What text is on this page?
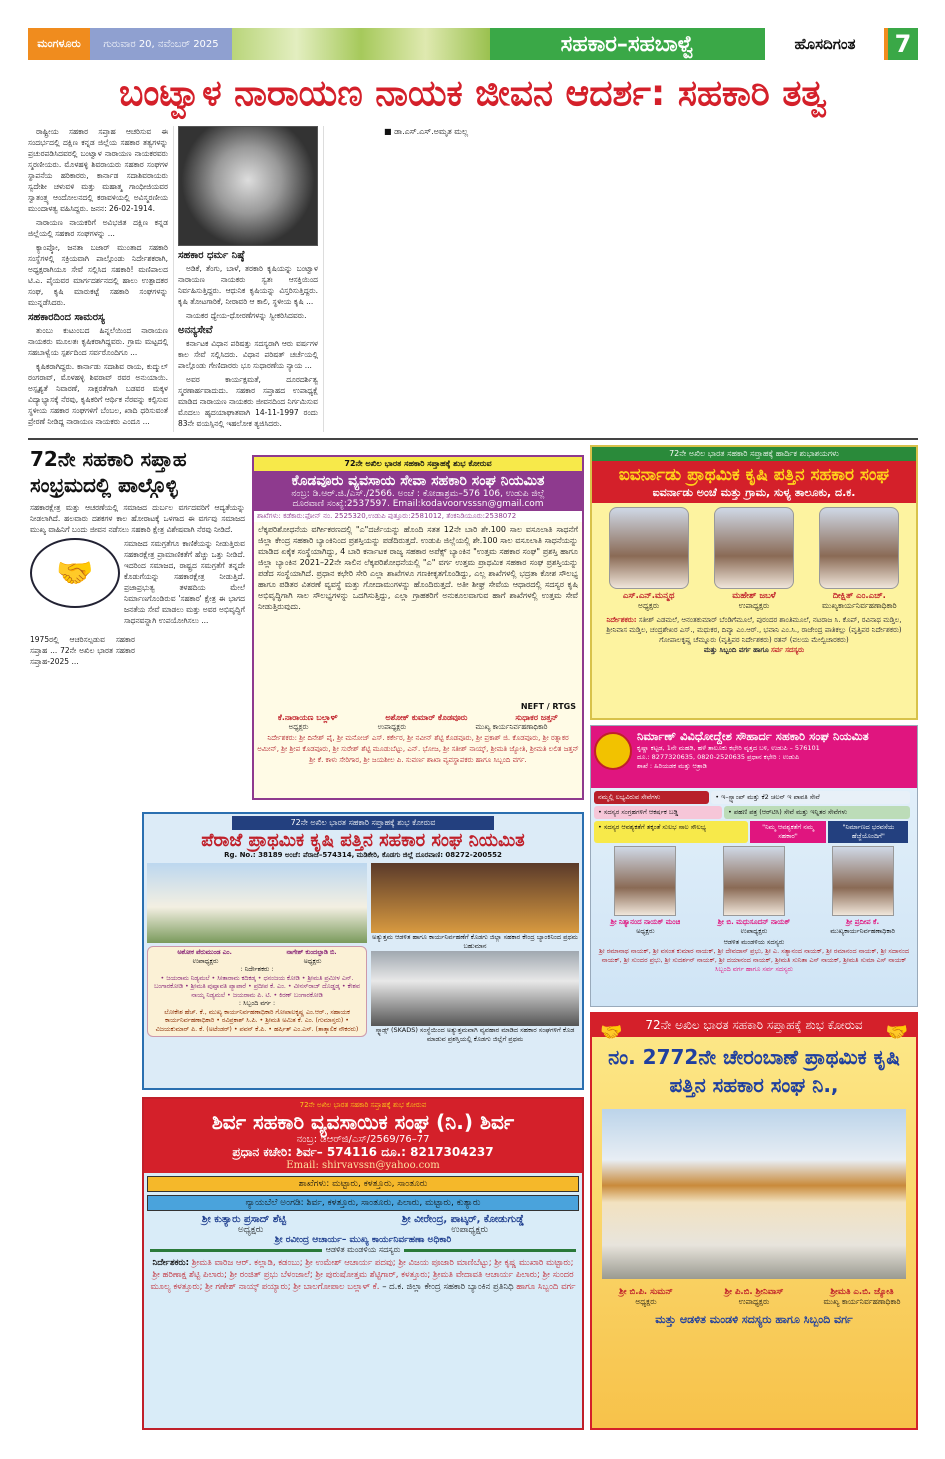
ಮಂಗಳೂರು	ಗುರುವಾರ 20, ನವೆಂಬರ್ 2025	ಸಹಕಾರ–ಸಹಬಾಳ್ವೆ	ಹೊಸದಿಗಂತ	7
ಬಂಟ್ವಾಳ ನಾರಾಯಣ ನಾಯಕ ಜೀವನ ಆದರ್ಶ: ಸಹಕಾರಿ ತತ್ವ

ರಾಷ್ಟ್ರೀಯ ಸಹಕಾರ ಸಪ್ತಾಹ ಆಚರಿಸುವ ಈ ಸಂದರ್ಭದಲ್ಲಿ ದಕ್ಷಿಣ ಕನ್ನಡ ಜಿಲ್ಲೆಯ ಸಹಕಾರ ತತ್ವಗಳನ್ನು ಪ್ರಚುರಪಡಿಸಿದವರಲ್ಲಿ ಬಂಟ್ವಾಳ ನಾರಾಯಣ ನಾಯಕರವರು ಸ್ಮರಣೀಯರು. ಮೊಳಹಳ್ಳಿ ಶಿವರಾಯರು ಸಹಕಾರ ಸಂಘಗಳ ಸ್ಥಾಪನೆಯ ಹರಿಕಾರರು, ಕಾರ್ನಾಡ ಸದಾಶಿವರಾಯರು ಸ್ವದೇಶೀ ಚಳುವಳಿ ಮತ್ತು ಮಹಾತ್ಮ ಗಾಂಧೀಜಿಯವರ ಸ್ವಾತಂತ್ರ್ಯ ಆಂದೋಲನದಲ್ಲಿ ಕರಾವಳಿಯಲ್ಲಿ ಅವಿಸ್ಮರಣೀಯ ಮುಂದಾಳತ್ವ ವಹಿಸಿದ್ದರು. ಜನನ: 26-02-1914.

ನಾರಾಯಣ ನಾಯಕರಿಗೆ ಅವಿಭಜಿತ ದಕ್ಷಿಣ ಕನ್ನಡ ಜಿಲ್ಲೆಯಲ್ಲಿ ಸಹಕಾರ ಸಂಘಗಳನ್ನು ...

ಕ್ಯಾಂಪ್ಕೋ, ಜನತಾ ಬಜಾರ್ ಮುಂತಾದ ಸಹಕಾರಿ ಸಂಸ್ಥೆಗಳಲ್ಲಿ ಸಕ್ರಿಯವಾಗಿ ಪಾಲ್ಗೊಂಡು ನಿರ್ದೇಶಕರಾಗಿ, ಅಧ್ಯಕ್ಷರಾಗಿಯೂ ಸೇವೆ ಸಲ್ಲಿಸಿದ ಸಹಕಾರಿ! ಮಣಿಪಾಲದ ಟಿ.ಎ. ಪೈಯವರ ಮಾರ್ಗದರ್ಶನದಲ್ಲಿ ಹಾಲು ಉತ್ಪಾದಕರ ಸಂಘ, ಕೃಷಿ ಮಾರುಕಟ್ಟೆ ಸಹಕಾರಿ ಸಂಘಗಳನ್ನು ಮುನ್ನಡೆಸಿದರು.

ಸಹಕಾರದಿಂದ ಸಾಮರಸ್ಯ

ತುಂಬು ಕುಟುಂಬದ ಹಿನ್ನಲೆಯಿಂದ ನಾರಾಯಣ ನಾಯಕರು ಮೂಲತಃ ಕೃಷಿಕರಾಗಿದ್ದವರು. ಗ್ರಾಮ ಮಟ್ಟದಲ್ಲಿ ಸಹಬಾಳ್ವೆಯ ಸ್ಪರ್ಶದಿಂದ ಸರ್ವರೊಂದಿಗೂ ...

ಕೃಷಿಕರಾಗಿದ್ದರು. ಕಾರ್ನಾಡು ಸದಾಶಿವ ರಾಯ, ಕುದ್ಮುಲ್ ರಂಗರಾವ್, ಮೊಳಹಳ್ಳಿ ಶಿವರಾವ್ ರವರ ಅನುಯಾಯಿ. ಅಸ್ಪೃಶ್ಯತೆ ನಿವಾರಣೆ, ಸಾಕ್ಷರತೆಗಾಗಿ ಬಡವರ ಮಕ್ಕಳ ವಿದ್ಯಾಭ್ಯಾಸಕ್ಕೆ ನೆರವು, ಕೃಷಿಕರಿಗೆ ಆರ್ಥಿಕ ನೆರವನ್ನು ಕಲ್ಪಿಸುವ ಸ್ಥಳೀಯ ಸಹಕಾರ ಸಂಘಗಳಿಗೆ ಬೆಂಬಲ, ಖಾದಿ ಧರಿಸುವಂತೆ ಪ್ರೇರಣೆ ನೀಡಿದ್ದ ನಾರಾಯಣ ನಾಯಕರು ಎಂದೂ ...

ಸಹಕಾರ ಧರ್ಮ ನಿಷ್ಠೆ

ಅಡಿಕೆ, ತೆಂಗು, ಬಾಳೆ, ತರಕಾರಿ ಕೃಷಿಯನ್ನು ಬಂಟ್ವಾಳ ನಾರಾಯಣ ನಾಯಕರು ಸ್ವತಃ ಆಸಕ್ತಿಯಿಂದ ನಿರ್ವಹಿಸುತ್ತಿದ್ದರು. ಆಧುನಿಕ ಕೃಷಿಯನ್ನು ವಿಸ್ತರಿಸುತ್ತಿದ್ದರು. ಕೃಷಿ ತೋಟಗಾರಿಕೆ, ನೀರಾವರಿ ಆ ಕಾಲಿ, ಸ್ಥಳೀಯ ಕೃಷಿ ...

ನಾಯಕರ ಧ್ಯೇಯ-ಧೋರಣೆಗಳನ್ನು ಸ್ವೀಕರಿಸಿದವರು.

ಅನನ್ಯಸೇವೆ

ಕರ್ನಾಟಕ ವಿಧಾನ ಪರಿಷತ್ತು ಸದಸ್ಯರಾಗಿ ಆರು ವರ್ಷಗಳ ಕಾಲ ಸೇವೆ ಸಲ್ಲಿಸಿದರು. ವಿಧಾನ ಪರಿಷತ್ ಚರ್ಚೆಯಲ್ಲಿ ಪಾಲ್ಗೊಂಡು ಗೇಣಿದಾರರು ಭೂ ಸುಧಾರಣೆಯ ನ್ಯಾಯ ...

ಅವರ ಕಾರ್ಯಕ್ಷಮತೆ, ದೂರದರ್ಶಿತ್ವ ಸ್ಮರಣಾರ್ಹವಾದುದು. ಸಹಕಾರ ಸಪ್ತಾಹದ ಉಪಾಧ್ಯಕ್ಷೆ ಮಾಡಿದ ನಾರಾಯಣ ನಾಯಕರು ಜೀವನದಿಂದ ನಿರ್ಗಮಿಸುವ ಮೊದಲು ಹೃದಯಾಘಾತವಾಗಿ 14-11-1997 ರಂದು 83ನೇ ವಯಸ್ಸಿನಲ್ಲಿ ಇಹಲೋಕ ತ್ಯಜಿಸಿದರು.

■ ಡಾ.ಎಸ್.ಎಸ್.ಅಮೃತ ಮಲ್ಲ
72ನೇ ಸಹಕಾರಿ ಸಪ್ತಾಹ ಸಂಭ್ರಮದಲ್ಲಿ ಪಾಲ್ಗೊಳ್ಳಿ

ಸಹಕಾರಕ್ಷೇತ್ರ ಮತ್ತು ಆಚರಣೆಯಲ್ಲಿ ಸಮಾಜದ ದುರ್ಬಲ ವರ್ಗದವರಿಗೆ ಆದ್ಯತೆಯನ್ನು ನೀಡಲಾಗಿದೆ. ಹಲವಾರು ದಶಕಗಳ ಕಾಲ ಹೋರಾಟಕ್ಕೆ ಒಳಗಾದ ಈ ವರ್ಗವು ಸಮಾಜದ ಮುಖ್ಯ ವಾಹಿನಿಗೆ ಬಂದು ಜೀವನ ನಡೆಸಲು ಸಹಕಾರಿ ಕ್ಷೇತ್ರ ವಿಶೇಷವಾಗಿ ನೆರವು ನೀಡಿದೆ.

🤝

ಸಮಾಜದ ಸಮಗ್ರತೆಗೂ ಕಾಣಿಕೆಯನ್ನು ನೀಡುತ್ತಿರುವ ಸಹಕಾರಕ್ಷೇತ್ರ ಪ್ರಾಮಾಣಿಕತೆಗೆ ಹೆಚ್ಚು ಒತ್ತು ನೀಡಿದೆ. ಇದರಿಂದ ಸಮಾಜದ, ರಾಷ್ಟ್ರದ ಸಮಗ್ರತೆಗೆ ತನ್ನದೇ ಕೊಡುಗೆಯನ್ನು ಸಹಕಾರಕ್ಷೇತ್ರ ನೀಡುತ್ತಿದೆ. ಪ್ರಜಾಪ್ರಭುತ್ವ ತಳಹದಿಯ ಮೇಲೆ ನಿರ್ಮಾಣಗೊಂಡಿರುವ 'ಸಹಕಾರ' ಕ್ಷೇತ್ರ ಈ ಭಾಗದ ಜನತೆಯ ಸೇವೆ ಮಾಡಲು ಮತ್ತು ಅವರ ಅಭಿವೃದ್ಧಿಗೆ ಸಾಧನವನ್ನಾಗಿ ಉಪಯೋಗಿಸಲು ...

1975ರಲ್ಲಿ ಆಚರಿಸಲ್ಪಡುವ ಸಹಕಾರ ಸಪ್ತಾಹ ... 72ನೇ ಅಖಿಲ ಭಾರತ ಸಹಕಾರ ಸಪ್ತಾಹ-2025 ...
72ನೇ ಅಖಿಲ ಭಾರತ ಸಹಕಾರಿ ಸಪ್ತಾಹಕ್ಕೆ ಶುಭ ಕೋರುವ
ಕೊಡವೂರು ವ್ಯವಸಾಯ ಸೇವಾ ಸಹಕಾರಿ ಸಂಘ ನಿಯಮಿತ
ನಂಬ್ರ: ಡಿ.ಆರ್.ಜಿ./ಎಸ್./2566. ಅಂಚೆ : ಕೋಡಾಶ್ರಮ–576 106, ಉಡುಪಿ ಜಿಲ್ಲೆ
ದೂರವಾಣಿ ಸಂಖ್ಯೆ:2537597. Email:kodavoorvsssn@gmail.com
ಶಾಖೆಗಳು: ಕಡೆಕಾರು:ಫೋನ್ ನಂ. 2525320,ಉಡುಪಿ ಪುತ್ತೂರು:2581012, ತೆಂಕನಿಡಿಯೂರು:2538072
ಲೆಕ್ಕಪರಿಶೋಧನೆಯ ವರ್ಗೀಕರಣದಲ್ಲಿ "ಎ"ದರ್ಜೆಯನ್ನು ಹೊಂದಿ ಸತತ 12ನೇ ಬಾರಿ ಶೇ.100 ಸಾಲ ವಸೂಲಾತಿ ಸಾಧನೆಗೆ ಜಿಲ್ಲಾ ಕೇಂದ್ರ ಸಹಕಾರಿ ಬ್ಯಾಂಕಿನಿಂದ ಪ್ರಶಸ್ತಿಯನ್ನು ಪಡೆದಿರುತ್ತದೆ. ಉಡುಪಿ ಜಿಲ್ಲೆಯಲ್ಲಿ ಶೇ.100 ಸಾಲ ವಸೂಲಾತಿ ಸಾಧನೆಯನ್ನು ಮಾಡಿದ ಏಕೈಕ ಸಂಸ್ಥೆಯಾಗಿದ್ದು, 4 ಬಾರಿ ಕರ್ನಾಟಕ ರಾಜ್ಯ ಸಹಕಾರ ಅಪೆಕ್ಸ್ ಬ್ಯಾಂಕಿನ "ಉತ್ತಮ ಸಹಕಾರ ಸಂಘ" ಪ್ರಶಸ್ತಿ ಹಾಗೂ ಜಿಲ್ಲಾ ಬ್ಯಾಂಕಿನ 2021–22ನೇ ಸಾಲಿನ ಲೆಕ್ಕಪರಿಶೋಧನೆಯಲ್ಲಿ "ಎ" ವರ್ಗ ಉತ್ತಮ ಪ್ರಾಥಮಿಕ ಸಹಕಾರ ಸಂಘ ಪ್ರಶಸ್ತಿಯನ್ನು ಪಡೆದ ಸಂಸ್ಥೆಯಾಗಿದೆ. ಪ್ರಧಾನ ಕಛೇರಿ ಸೇರಿ ಎಲ್ಲಾ ಶಾಖೆಗಳೂ ಗಣಕೀಕೃತಗೊಂಡಿದ್ದು, ಎಲ್ಲ ಶಾಖೆಗಳಲ್ಲಿ ಭದ್ರತಾ ಕೋಶ ಸೌಲಭ್ಯ ಹಾಗೂ ಪಡಿತರ ವಿತರಣೆ ವ್ಯವಸ್ಥೆ ಮತ್ತು ಗೋದಾಮುಗಳನ್ನು ಹೊಂದಿರುತ್ತದೆ. ಅತೀ ಶೀಘ್ರ ಸೇವೆಯ ಆಧಾರದಲ್ಲಿ ಸದಸ್ಯರ ಕೃಷಿ ಅಭಿವೃದ್ಧಿಗಾಗಿ ಸಾಲ ಸೌಲಭ್ಯಗಳನ್ನು ಒದಗಿಸುತ್ತಿದ್ದು, ಎಲ್ಲಾ ಗ್ರಾಹಕರಿಗೆ ಅನುಕೂಲವಾಗುವ ಹಾಗೆ ಶಾಖೆಗಳಲ್ಲಿ ಉತ್ತಮ ಸೇವೆ ನೀಡುತ್ತಿರುವುದು.
NEFT / RTGS
ಕೆ.ನಾರಾಯಣ ಬಲ್ಲಾಳ್	ಅಶೋಕ್ ಕುಮಾರ್ ಕೊಡವೂರು	ಸುಧಾಕರ ಜತ್ತನ್
ಅಧ್ಯಕ್ಷರು	ಉಪಾಧ್ಯಕ್ಷರು	ಮುಖ್ಯ ಕಾರ್ಯನಿರ್ವಹಣಾಧಿಕಾರಿ
ನಿರ್ದೇಶಕರು: ಶ್ರೀ ದಿನೇಶ್ ಪೈ, ಶ್ರೀ ಮನೋಜ್ ಎಸ್. ಕರ್ಕೇರ, ಶ್ರೀ ನವೀನ್ ಶೆಟ್ಟಿ ಕೊಡವೂರು, ಶ್ರೀ ಪ್ರಕಾಶ್ ಜಿ. ಕೊಡವೂರು, ಶ್ರೀ ರತ್ನಾಕರ ಅಮೀನ್, ಶ್ರೀ ಶ್ರೀಪ ಕೊಡವೂರು, ಶ್ರೀ ಸುರೇಶ್ ಶೆಟ್ಟಿ ಮೂಡುಬೆಟ್ಟು, ಎನ್. ಭೋಜ, ಶ್ರೀ ಸತೀಶ್ ನಾಯ್ಕ್, ಶ್ರೀಮತಿ ಜ್ಯೋತಿ, ಶ್ರೀಮತಿ ಲಲಿತ ಜತ್ತನ್ ಶ್ರೀ ಕೆ. ಕಾಳು ಸೇರಿಗಾರ, ಶ್ರೀ ಜಯಶೀಲ ಪಿ. ಸುವರ್ಣ ಶಾಖಾ ವ್ಯವಸ್ಥಾಪಕರು ಹಾಗೂ ಸಿಬ್ಬಂದಿ ವರ್ಗ.
72ನೇ ಅಖಿಲ ಭಾರತ ಸಹಕಾರಿ ಸಪ್ತಾಹಕ್ಕೆ ಹಾರ್ದಿಕ ಶುಭಾಶಯಗಳು
ಐವರ್ನಾಡು ಪ್ರಾಥಮಿಕ ಕೃಷಿ ಪತ್ತಿನ ಸಹಕಾರ ಸಂಘ
ಐವರ್ನಾಡು ಅಂಚೆ ಮತ್ತು ಗ್ರಾಮ, ಸುಳ್ಯ ತಾಲೂಕು, ದ.ಕ.
ಎಸ್.ಎನ್.ಮನ್ಮಥ
ಅಧ್ಯಕ್ಷರು
ಮಹೇಶ್ ಜಬಳೆ
ಉಪಾಧ್ಯಕ್ಷರು
ದೀಕ್ಷಿತ್ ಎಂ.ಎಚ್.
ಮುಖ್ಯಕಾರ್ಯನಿರ್ವಹಣಾಧಿಕಾರಿ
ನಿರ್ದೇಶಕರು: ಸತೀಶ್ ಎಡಮಲೆ, ಆನಂತಕುಮಾರ್ ಬೆಂಡಿಗೆಮೂಲೆ, ಪುರಂದರ ಶಾಂತಿಮೂಲೆ, ನಟರಾಜ ಸಿ. ಕೊಪ್, ರವಿನಾಥ ಮಡ್ತಿಲ, ಶ್ರೀನಿವಾಸ ಮಡ್ತಿಲ, ಚಂದ್ರಶೇಖರ ಎಸ್., ಮಧುಕರ, ದಿವ್ಯಾ ಎಂ.ಆರ್., ಭವಾನಿ ಎಂ.ಸಿ., ರಾಜೇಂದ್ರ ಪಾತಿಕಲ್ಲು (ವೃತ್ತಿಪರ ನಿರ್ದೇಶಕರು) ಗೋಪಾಲಕೃಷ್ಣ ಚೆಮ್ನೂರು (ವೃತ್ತಿಪರ ನಿರ್ದೇಶಕರು) ರತನ್ (ವಲಯ ಮೇಲ್ವಿಚಾರಕರು)
ಮತ್ತು ಸಿಬ್ಬಂದಿ ವರ್ಗ ಹಾಗೂ ಸರ್ವ ಸದಸ್ಯರು
ನಿರ್ಮಾಣ್ ವಿವಿಧೋದ್ದೇಶ ಸೌಹಾರ್ದ ಸಹಕಾರಿ ಸಂಘ ನಿಯಮಿತ
ಕೃಷ್ಣಾ ಕಟ್ಟಡ, 1ನೇ ಮಹಡಿ, ಹಳೆ ತಾಲೂಕು ಕಛೇರಿ ವೃತ್ತದ ಬಳಿ, ಉಡುಪಿ – 576101
ದೂ.: 8277320635, 0820-2520635 ಪ್ರಧಾನ ಕಛೇರಿ : ಉಡುಪಿ
ಶಾಖೆ : ಹಿರಿಯಡಕ ಮತ್ತು ಆತ್ರಾಡಿ
ನಮ್ಮಲ್ಲಿ ಲಭ್ಯವಿರುವ ಸೇವೆಗಳು	• ಇ–ಸ್ಟ್ಯಾಂಪ್ ಮತ್ತು ಕೆ2 ಚಲನ್ ಇ ಪಾವತಿ ಸೇವೆ
• ಸದಸ್ಯರ ಸಂಗ್ರಹಗಳಿಗೆ ಆಕರ್ಷಕ ಬಡ್ಡಿ	• ಪಹಣಿ ಪತ್ರ (ಆರ್‌ಟಿಸಿ) ಸೇವೆ ಮತ್ತು ಇನ್ನಿತರ ಸೇವೆಗಳು
• ಸದಸ್ಯರ ಆವಶ್ಯಕತೆಗೆ ತಕ್ಕಂತೆ ಸುಲಭ ಸಾಲ ಸೌಲಭ್ಯ	"ನಿಮ್ಮ ಆವಶ್ಯಕತೆಗೆ ನಮ್ಮ ಸಹಕಾರ"
"ನಿರ್ಮಾಣದ ಭರವಸೆಯ ಹೆಜ್ಜೆಯೊಂದಿಗೆ"
ಶ್ರೀ ನಿತ್ಯಾನಂದ ನಾಯಕ್ ಮಂಚಿ
ಅಧ್ಯಕ್ಷರು
ಶ್ರೀ ಬಿ. ಮಧುಸೂದನ್ ನಾಯಕ್
ಉಪಾಧ್ಯಕ್ಷರು
ಶ್ರೀ ಪ್ರದೀಪ ಕೆ.
ಮುಖ್ಯಕಾರ್ಯನಿರ್ವಹಣಾಧಿಕಾರಿ
ಆಡಳಿತ ಮಂಡಳಿಯ ಸದಸ್ಯರು
ಶ್ರೀ ರಮಾನಾಥ ನಾಯಕ್, ಶ್ರೀ ವಸಂತ ಕುಮಾರ ನಾಯಕ್, ಶ್ರೀ ದೇವದಾಸ್ ಪ್ರಭು, ಶ್ರೀ ಎ. ಸತ್ಯಾನಂದ ನಾಯಕ್, ಶ್ರೀ ರಮಾನಂದ ನಾಯಕ್, ಶ್ರೀ ಸದಾನಂದ ನಾಯಕ್, ಶ್ರೀ ಸುಂದರ ಪ್ರಭು, ಶ್ರೀ ಸುದರ್ಶನ್ ನಾಯಕ್, ಶ್ರೀ ದಯಾನಂದ ನಾಯಕ್, ಶ್ರೀಮತಿ ಸುನಿತಾ ಎಸ್ ನಾಯಕ್, ಶ್ರೀಮತಿ ಸುಮಾ ಎಸ್ ನಾಯಕ್
ಸಿಬ್ಬಂದಿ ವರ್ಗ ಹಾಗೂ ಸರ್ವ ಸದಸ್ಯರು
72ನೇ ಅಖಿಲ ಭಾರತ ಸಹಕಾರಿ ಸಪ್ತಾಹಕ್ಕೆ ಶುಭ ಕೋರುವ
ಪೆರಾಜೆ ಪ್ರಾಥಮಿಕ ಕೃಷಿ ಪತ್ತಿನ ಸಹಕಾರ ಸಂಘ ನಿಯಮಿತ
Rg. No.: 38189 ಅಂಚೆ: ಪೆರಾಜೆ–574314, ಮಡಿಕೇರಿ, ಕೊಡಗು ಜಿಲ್ಲೆ ದೂರವಾಣಿ: 08272-200552
ಅಶೋಕ ಪೆರುಮುಂಡ ಎಂ.	ನಾಗೇಶ್ ಕುಂದಲ್ಪಾಡಿ ಬಿ.
ಉಪಾಧ್ಯಕ್ಷರು	ಅಧ್ಯಕ್ಷರು
: ನಿರ್ದೇಶಕರು :
• ಜಯರಾಮ ನಿಡ್ಯಮಲೆ • ಸೀತಾರಾಮ ಕದಿಕಡ್ಕ • ಧನಂಜಯ ಕೋಡಿ • ಶ್ರೀಮತಿ ಪ್ರಮೀಳ ಎನ್. ಬಂಗಾರಕೋಡಿ • ಶ್ರೀಮತಿ ಪುಷ್ಪಾವತಿ ಪ್ಯಾಪಾರೆ • ಪ್ರದೀಪ ಕೆ. ಎಂ. • ವೀನಸ್‌ರಾಜ್ ದೊಡ್ಡಡ್ಕ • ಕೇಶವ ನಾಯ್ಕ ನಿಡ್ಯಮಲೆ • ಜಯರಾಮ ಪಿ. ಟಿ. • ಕಿರಣ್ ಬಂಗಾರಕೋಡಿ
: ಸಿಬ್ಬಂದಿ ವರ್ಗ :
ಲೋಕೇಶ ಹೆಚ್. ಕೆ., ಮುಖ್ಯ ಕಾರ್ಯನಿರ್ವಹಣಾಧಿಕಾರಿ ಗೋಪಾಲಕೃಷ್ಣ ಎಂ.ಆರ್., ಸಹಾಯಕ ಕಾರ್ಯನಿರ್ವಹಣಾಧಿಕಾರಿ • ರವಿಪ್ರಕಾಶ್ ಸಿ.ಪಿ. • ಶ್ರೀಮತಿ ಅಮಿತ ಕೆ. ಎಂ. (ಗುಮಾಸ್ತರು) • ವಿಜಯಕುಮಾರ್ ಪಿ. ಕೆ. (ಅಟೆಂಡರ್) • ಪವನ್ ಕೆ.ಪಿ. • ಹರ್ಷಿತ್ ಎಂ.ಎಸ್. (ತಾತ್ಕಾಲಿಕ ನೌಕರರು)
ಅತ್ಯುತ್ತಮ ಆಡಳಿತ ಹಾಗೂ ಕಾರ್ಯನಿರ್ವಹಣೆಗೆ ಕೊಡಗು ಜಿಲ್ಲಾ ಸಹಕಾರ ಕೇಂದ್ರ ಬ್ಯಾಂಕಿನಿಂದ ಪ್ರಥಮ ಬಹುಮಾನ
ಸ್ಕ್ಯಾಡ್ಸ್ (SKADS) ಸಂಸ್ಥೆಯಿಂದ ಅತ್ಯುತ್ತಮವಾಗಿ ವ್ಯವಹಾರ ಮಾಡಿದ ಸಹಕಾರ ಸಂಘಗಳಿಗೆ ಕೊಡ ಮಾಡುವ ಪ್ರಶಸ್ತಿಯಲ್ಲಿ ಕೊಡಗು ಜಿಲ್ಲೆಗೆ ಪ್ರಥಮ
72ನೇ ಅಖಿಲ ಭಾರತ ಸಹಕಾರಿ ಸಪ್ತಾಹಕ್ಕೆ ಶುಭ ಕೋರುವ
ಶಿರ್ವ ಸಹಕಾರಿ ವ್ಯವಸಾಯಿಕ ಸಂಘ (ನಿ.) ಶಿರ್ವ
ನಂಬ್ರ: ಡಿಆರ್‌ಜಿ/ಎಸ್/2569/76–77
ಪ್ರಧಾನ ಕಚೇರಿ: ಶಿರ್ವ– 574116 ದೂ.: 8217304237
Email: shirvavssn@yahoo.com
ಶಾಖೆಗಳು: ಮಟ್ಟಾರು, ಕಳತ್ತೂರು, ಸಾಂತೂರು
ನ್ಯಾಯಬೆಲೆ ಅಂಗಡಿ: ಶಿರ್ವ, ಕಳತ್ತೂರು, ಸಾಂತೂರು, ಪಿಲಾರು, ಮಟ್ಟಾರು, ಕುತ್ಯಾರು
ಶ್ರೀ ಕುತ್ಯಾರು ಪ್ರಸಾದ್ ಶೆಟ್ಟಿ	ಶ್ರೀ ವೀರೇಂದ್ರ, ಪಾಟ್ಕರ್, ಕೋಡುಗುಡ್ಡೆ
ಅಧ್ಯಕ್ಷರು	ಉಪಾಧ್ಯಕ್ಷರು
ಶ್ರೀ ರವೀಂದ್ರ ಆಚಾರ್ಯ– ಮುಖ್ಯ ಕಾರ್ಯನಿರ್ವಹಣಾ ಅಧಿಕಾರಿ
ಆಡಳಿತ ಮಂಡಳಿಯ ಸದಸ್ಯರು
ನಿರ್ದೇಶಕರು: ಶ್ರೀಮತಿ ವಾರಿಜ ಆರ್. ಕಲ್ಲಾಡಿ, ಕಡಂಬು; ಶ್ರೀ ಉಮೇಶ್ ಆಚಾರ್ಯ ಪದವು; ಶ್ರೀ ವಿಜಯ ಪೂಜಾರಿ ಮಾಣಿಬೆಟ್ಟು; ಶ್ರೀ ಕೃಷ್ಣ ಮುಖಾರಿ ಮಟ್ಟಾರು; ಶ್ರೀ ಹರಿಣಾಕ್ಷ ಶೆಟ್ಟಿ ಪಿಲಾರು; ಶ್ರೀ ರಂಜಿತ್ ಪ್ರಭು ಬೆಳಂಜಾಲೆ; ಶ್ರೀ ಪುರುಷೋತ್ತಮ ಶೆಟ್ಟಿಗಾರ್, ಕಳತ್ತೂರು; ಶ್ರೀಮತಿ ವೇದಾವತಿ ಆಚಾರ್ಯ ಪಿಲಾರು; ಶ್ರೀ ಸುಂದರ ಮೂಲ್ಯ ಕಳತ್ತೂರು; ಶ್ರೀ ಗಣೇಶ್ ನಾಯ್ಕ್ ಪಯ್ಯಾರು; ಶ್ರೀ ಬಾಲಗೋಪಾಲ ಬಲ್ಲಾಳ್ ಕೆ. – ದ.ಕ. ಜಿಲ್ಲಾ ಕೇಂದ್ರ ಸಹಕಾರಿ ಬ್ಯಾಂಕಿನ ಪ್ರತಿನಿಧಿ ಹಾಗೂ ಸಿಬ್ಬಂದಿ ವರ್ಗ
🤝 72ನೇ ಅಖಿಲ ಭಾರತ ಸಹಕಾರಿ ಸಪ್ತಾಹಕ್ಕೆ ಶುಭ ಕೋರುವ 🤝
ನಂ. 2772ನೇ ಚೇರಂಬಾಣೆ ಪ್ರಾಥಮಿಕ ಕೃಷಿ ಪತ್ತಿನ ಸಹಕಾರ ಸಂಘ ನಿ.,
ಶ್ರೀ ಬಿ.ಪಿ. ಸುಮನ್
ಅಧ್ಯಕ್ಷರು
ಶ್ರೀ ಪಿ.ಬಿ. ಶ್ರೀನಿವಾಸ್
ಉಪಾಧ್ಯಕ್ಷರು
ಶ್ರೀಮತಿ ಎ.ಬಿ. ಜ್ಯೋತಿ
ಮುಖ್ಯ ಕಾರ್ಯನಿರ್ವಹಣಾಧಿಕಾರಿ
ಮತ್ತು ಆಡಳಿತ ಮಂಡಳಿ ಸದಸ್ಯರು ಹಾಗೂ ಸಿಬ್ಬಂದಿ ವರ್ಗ
